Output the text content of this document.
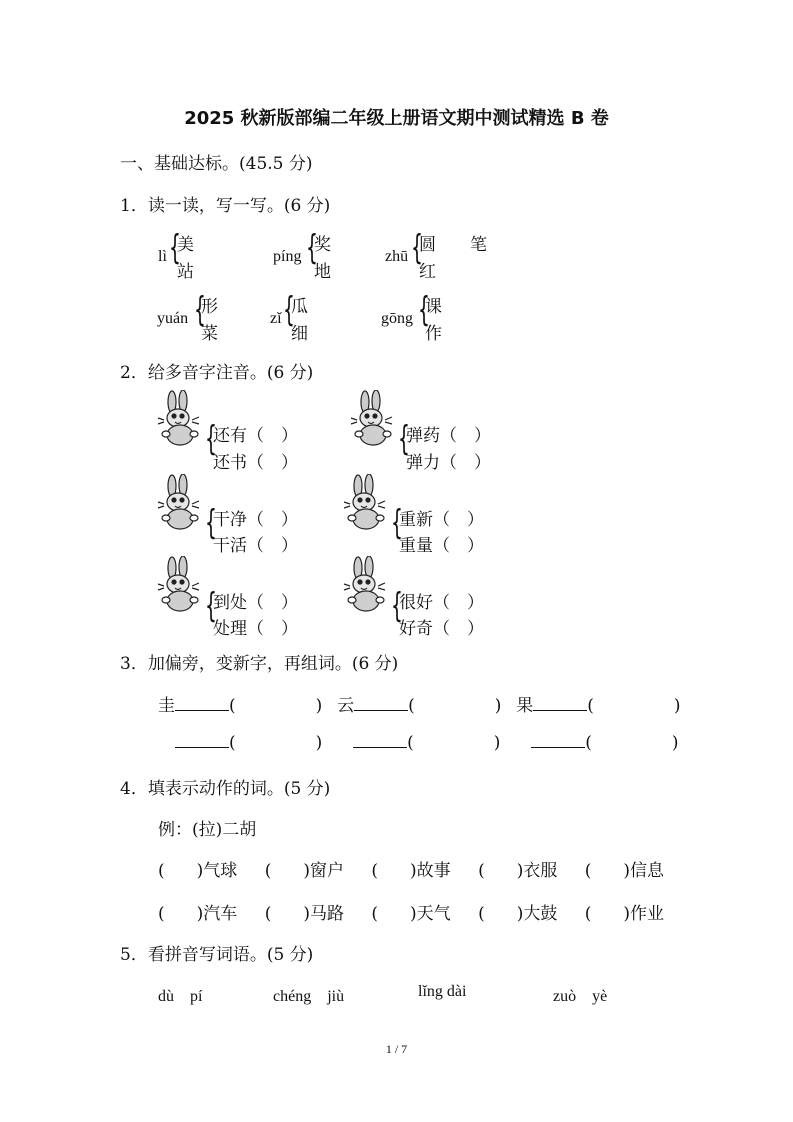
2025 秋新版部编二年级上册语文期中测试精选 B 卷
一、基础达标。(45.5 分)
1．读一读，写一写。(6 分)
lì {
美
站
píng {
奖
地
zhū {
圆　　笔
红
yuán {
形
菜
zǐ {
瓜
细
gōng {
课
作
2．给多音字注音。(6 分)
{
还有（　）
还书（　）
{
弹药（　）
弹力（　）
{
干净（　）
干活（　）
{
重新（　）
重量（　）
{
到处（　）
处理（　）
{
很好（　）
好奇（　）
3．加偏旁，变新字，再组词。(6 分)
圭	(	) 云	(	) 果	(	)
(	)	(	)	(	)
4．填表示动作的词。(5 分)
例：(拉)二胡
( )气球 ( )窗户 ( )故事 ( )衣服 ( )信息
( )汽车 ( )马路 ( )天气 ( )大鼓 ( )作业
5．看拼音写词语。(5 分)
dù　pí	chéng　jiù	lǐng dài	zuò　yè
1 / 7
